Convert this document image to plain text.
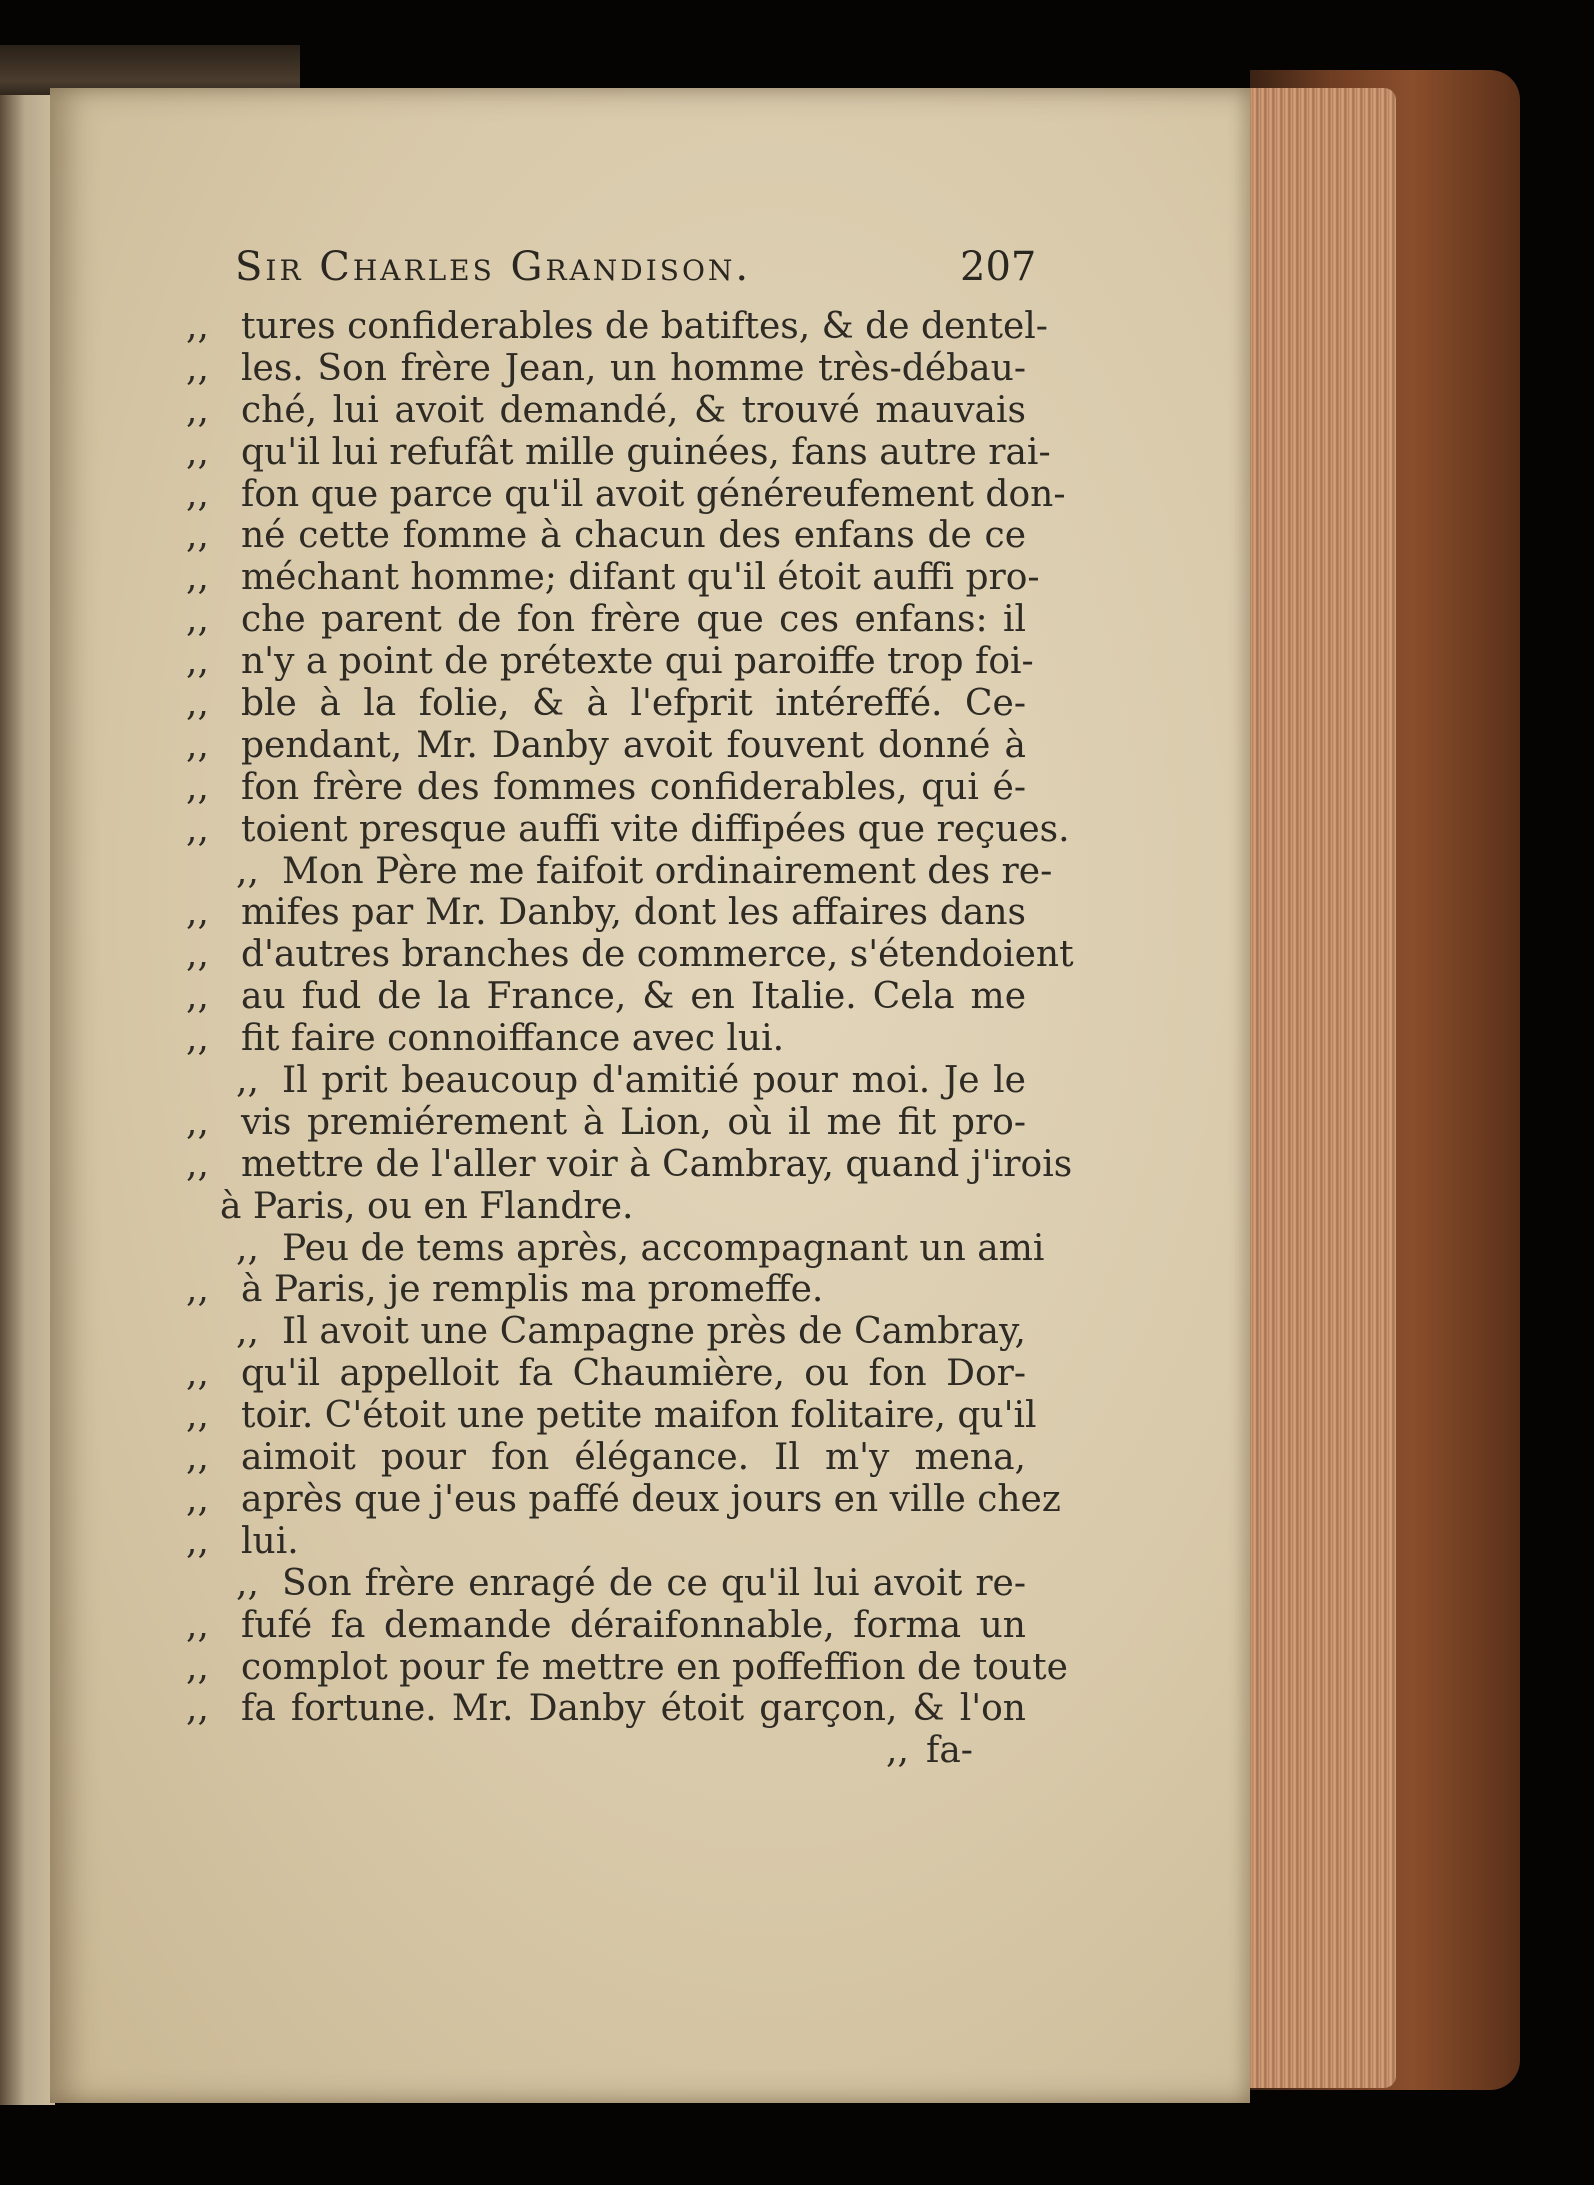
Sir Charles Grandison.	207
,, tures confiderables de batiftes, & de dentel-
,, les. Son frère Jean, un homme très-débau-
,, ché, lui avoit demandé, & trouvé mauvais
,, qu'il lui refufât mille guinées, fans autre rai-
,, fon que parce qu'il avoit généreufement don-
,, né cette fomme à chacun des enfans de ce
,, méchant homme; difant qu'il étoit auffi pro-
,, che parent de fon frère que ces enfans: il
,, n'y a point de prétexte qui paroiffe trop foi-
,, ble à la folie, & à l'efprit intéreffé. Ce-
,, pendant, Mr. Danby avoit fouvent donné à
,, fon frère des fommes confiderables, qui é-
,, toient presque auffi vite diffipées que reçues.
,, Mon Père me faifoit ordinairement des re-
,, mifes par Mr. Danby, dont les affaires dans
,, d'autres branches de commerce, s'étendoient
,, au fud de la France, & en Italie. Cela me
,, fit faire connoiffance avec lui.
,, Il prit beaucoup d'amitié pour moi. Je le
,, vis premiérement à Lion, où il me fit pro-
,, mettre de l'aller voir à Cambray, quand j'irois
à Paris, ou en Flandre.
,, Peu de tems après, accompagnant un ami
,, à Paris, je remplis ma promeffe.
,, Il avoit une Campagne près de Cambray,
,, qu'il appelloit fa Chaumière, ou fon Dor-
,, toir. C'étoit une petite maifon folitaire, qu'il
,, aimoit pour fon élégance. Il m'y mena,
,, après que j'eus paffé deux jours en ville chez
,, lui.
,, Son frère enragé de ce qu'il lui avoit re-
,, fufé fa demande déraifonnable, forma un
,, complot pour fe mettre en poffeffion de toute
,, fa fortune. Mr. Danby étoit garçon, & l'on
,, fa-
